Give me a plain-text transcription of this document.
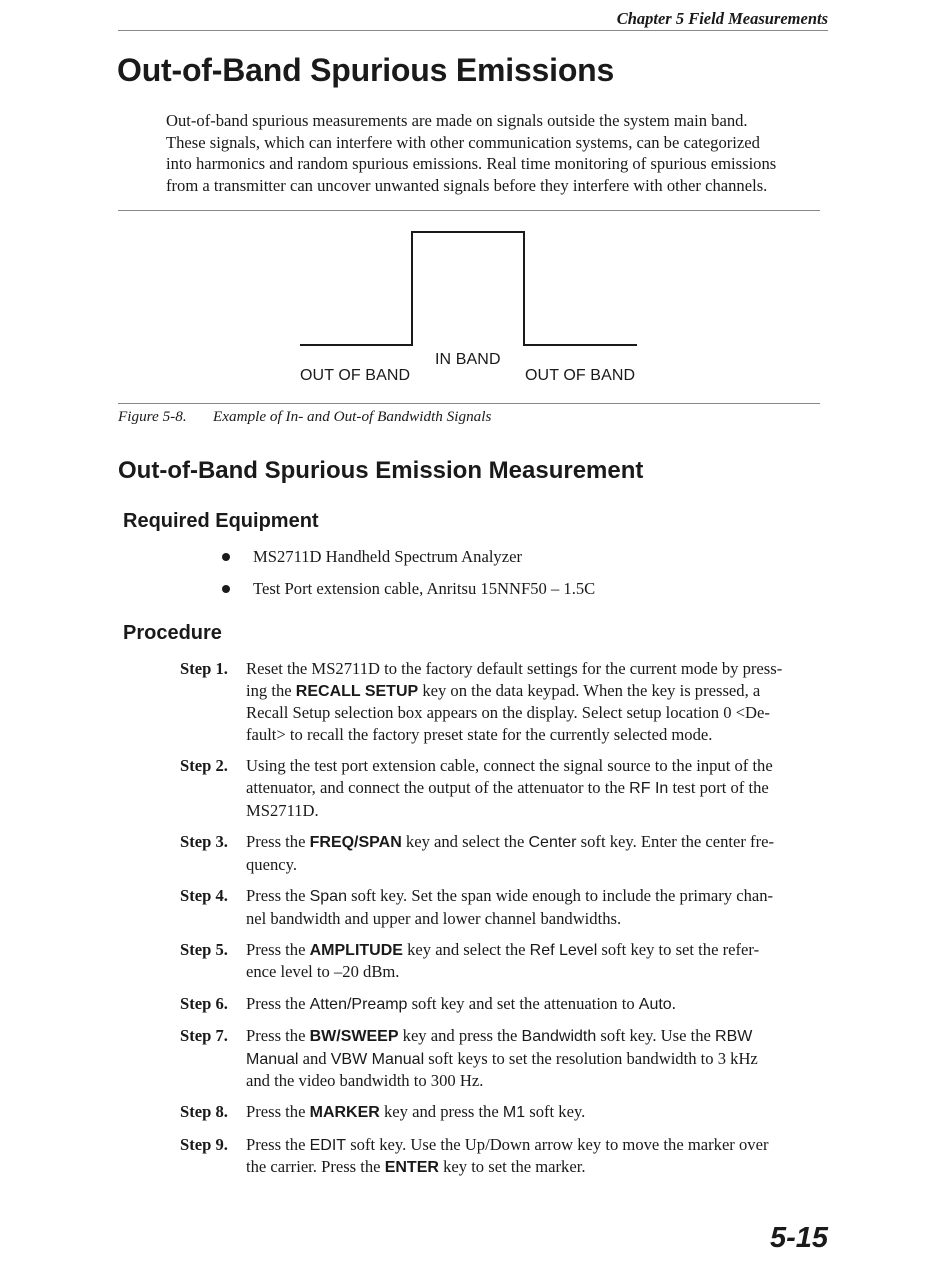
Chapter 5 Field Measurements
Out-of-Band Spurious Emissions

Out-of-band spurious measurements are made on signals outside the system main band.
These signals, which can interfere with other communication systems, can be categorized
into harmonics and random spurious emissions. Real time monitoring of spurious emissions
from a transmitter can uncover unwanted signals before they interfere with other channels.

OUT OF BAND
IN BAND
OUT OF BAND
Figure 5-8. Example of In- and Out-of Bandwidth Signals
Out-of-Band Spurious Emission Measurement
Required Equipment
MS2711D Handheld Spectrum Analyzer
Test Port extension cable, Anritsu 15NNF50 – 1.5C
Procedure
Step 1.	Reset the MS2711D to the factory default settings for the current mode by press-
ing the RECALL SETUP key on the data keypad. When the key is pressed, a
Recall Setup selection box appears on the display. Select setup location 0 <De-
fault> to recall the factory preset state for the currently selected mode.
Step 2.	Using the test port extension cable, connect the signal source to the input of the
attenuator, and connect the output of the attenuator to the RF In test port of the
MS2711D.
Step 3.	Press the FREQ/SPAN key and select the Center soft key. Enter the center fre-
quency.
Step 4.	Press the Span soft key. Set the span wide enough to include the primary chan-
nel bandwidth and upper and lower channel bandwidths.
Step 5.	Press the AMPLITUDE key and select the Ref Level soft key to set the refer-
ence level to –20 dBm.
Step 6.	Press the Atten/Preamp soft key and set the attenuation to Auto.
Step 7.	Press the BW/SWEEP key and press the Bandwidth soft key. Use the RBW
Manual and VBW Manual soft keys to set the resolution bandwidth to 3 kHz
and the video bandwidth to 300 Hz.
Step 8.	Press the MARKER key and press the M1 soft key.
Step 9.	Press the EDIT soft key. Use the Up/Down arrow key to move the marker over
the carrier. Press the ENTER key to set the marker.
5-15
